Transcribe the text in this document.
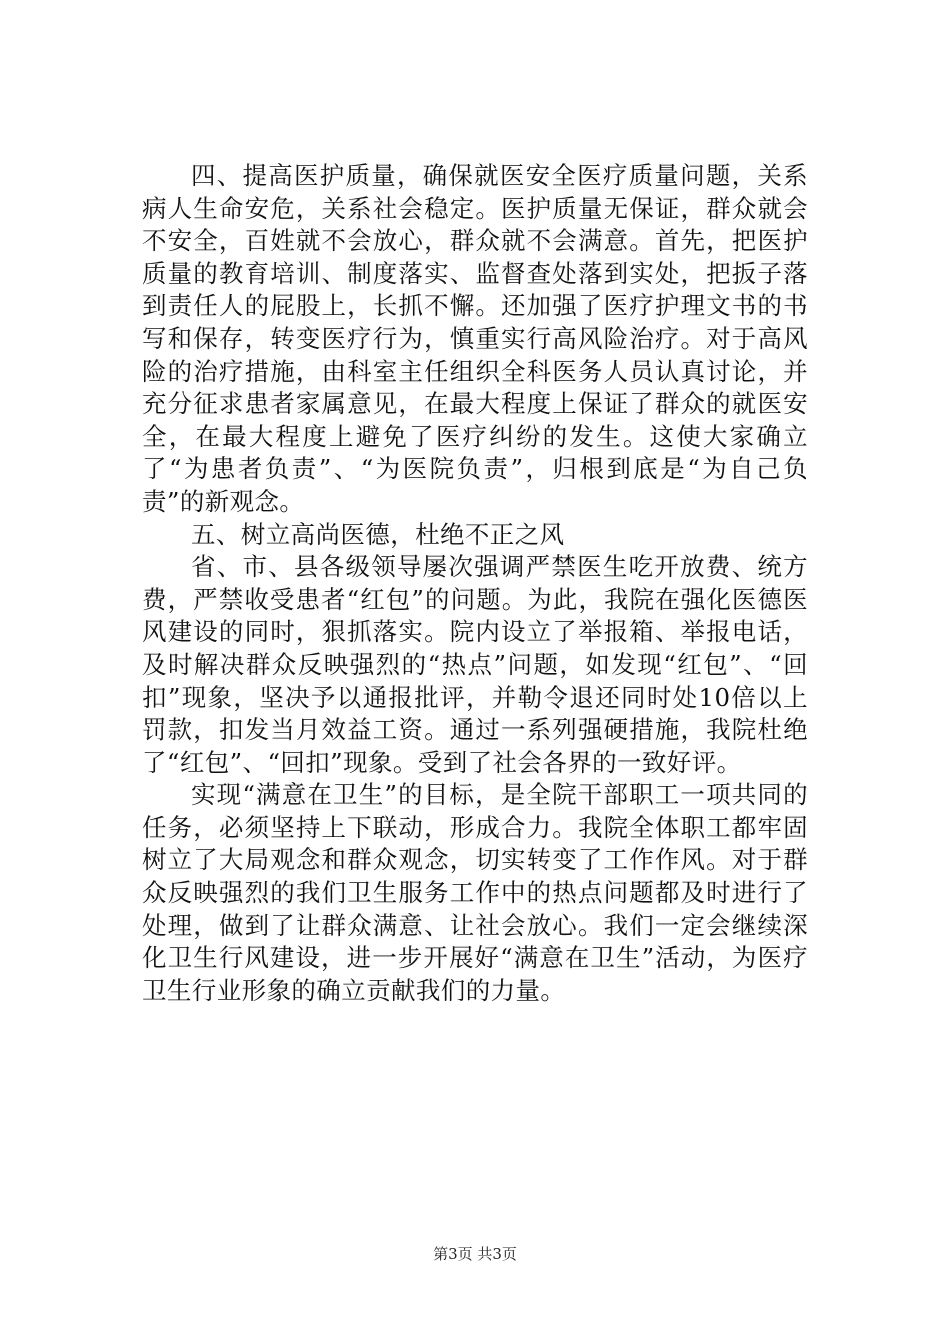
四、提高医护质量，确保就医安全医疗质量问题，关系病人生命安危，关系社会稳定。医护质量无保证，群众就会不安全，百姓就不会放心，群众就不会满意。首先，把医护质量的教育培训、制度落实、监督查处落到实处，把扳子落到责任人的屁股上，长抓不懈。还加强了医疗护理文书的书写和保存，转变医疗行为，慎重实行高风险治疗。对于高风险的治疗措施，由科室主任组织全科医务人员认真讨论，并充分征求患者家属意见，在最大程度上保证了群众的就医安全，在最大程度上避免了医疗纠纷的发生。这使大家确立了“为患者负责”、“为医院负责”，归根到底是“为自己负责”的新观念。

五、树立高尚医德，杜绝不正之风

省、市、县各级领导屡次强调严禁医生吃开放费、统方费，严禁收受患者“红包”的问题。为此，我院在强化医德医风建设的同时，狠抓落实。院内设立了举报箱、举报电话，及时解决群众反映强烈的“热点”问题，如发现“红包”、“回扣”现象，坚决予以通报批评，并勒令退还同时处10倍以上罚款，扣发当月效益工资。通过一系列强硬措施，我院杜绝了“红包”、“回扣”现象。受到了社会各界的一致好评。

实现“满意在卫生”的目标，是全院干部职工一项共同的任务，必须坚持上下联动，形成合力。我院全体职工都牢固树立了大局观念和群众观念，切实转变了工作作风。对于群众反映强烈的我们卫生服务工作中的热点问题都及时进行了处理，做到了让群众满意、让社会放心。我们一定会继续深化卫生行风建设，进一步开展好“满意在卫生”活动，为医疗卫生行业形象的确立贡献我们的力量。

第3页 共3页
